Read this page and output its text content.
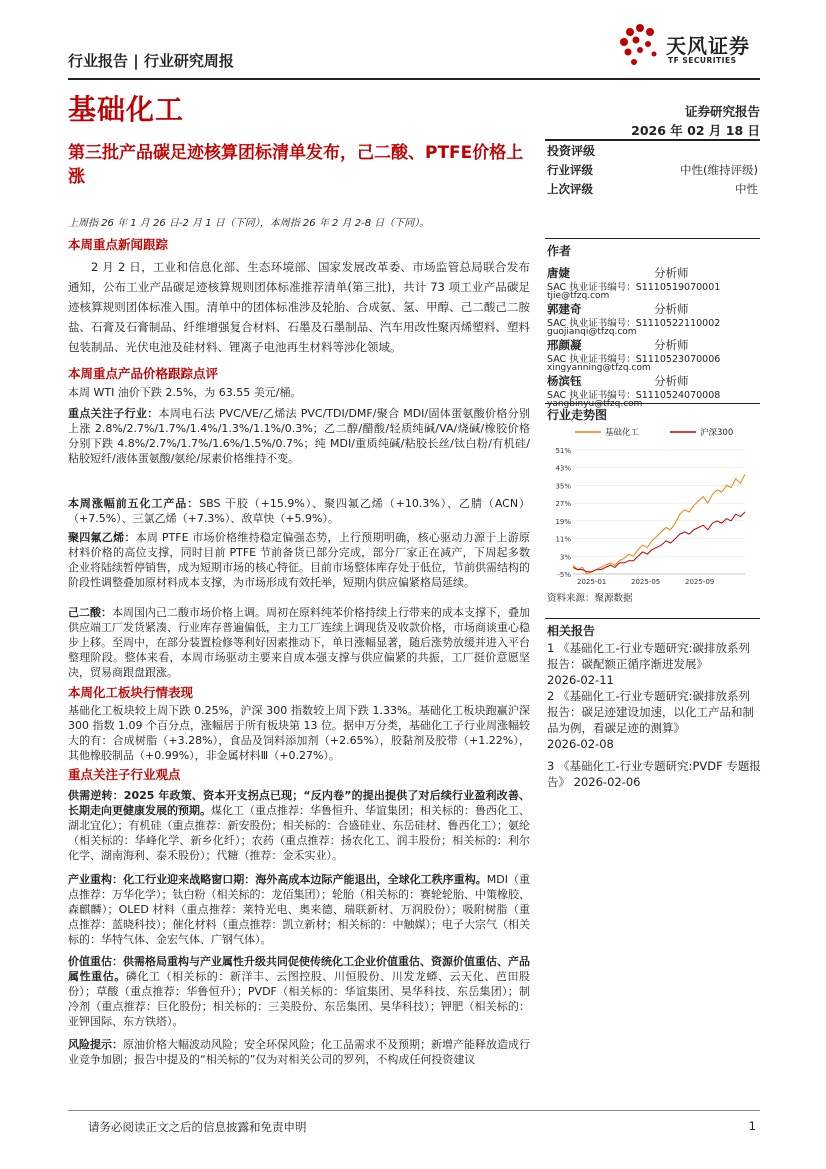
行业报告 | 行业研究周报
天风证券
TF SECURITIES
基础化工	证券研究报告
2026 年 02 月 18 日
第三批产品碳足迹核算团标清单发布，己二酸、PTFE价格上涨
投资评级
行业评级	中性(维持评级)
上次评级	中性
作者
唐婕	分析师
SAC 执业证书编号：S1110519070001
tjie@tfzq.com
郭建奇	分析师
SAC 执业证书编号：S1110522110002
guojianqi@tfzq.com
邢颜凝	分析师
SAC 执业证书编号：S1110523070006
xingyanning@tfzq.com
行业走势图
基础化工	沪深300
51%
43%
35%
27%
19%
11%
3%
-5%
2025-01	2025-05	2025-09
资料来源：聚源数据
相关报告
1 《基础化工-行业专题研究:碳排放系列报告：碳配额正循序渐进发展》
2026-02-11
2 《基础化工-行业专题研究:碳排放系列报告：碳足迹建设加速，以化工产品和制品为例，看碳足迹的测算》
2026-02-08
3 《基础化工-行业专题研究:PVDF 专题报告》 2026-02-06
上周指 26 年 1 月 26 日-2 月 1 日（下同），本周指 26 年 2 月 2-8 日（下同）。
本周重点新闻跟踪
2 月 2 日，工业和信息化部、生态环境部、国家发展改革委、市场监管总局联合发布通知，公布工业产品碳足迹核算规则团体标准推荐清单(第三批)，共计 73 项工业产品碳足迹核算规则团体标准入围。清单中的团体标准涉及轮胎、合成氨、氢、甲醇、己二酸己二胺盐、石膏及石膏制品、纤维增强复合材料、石墨及石墨制品、汽车用改性聚丙烯塑料、塑料包装制品、光伏电池及硅材料、锂离子电池再生材料等涉化领域。
本周重点产品价格跟踪点评
本周 WTI 油价下跌 2.5%，为 63.55 美元/桶。
重点关注子行业：本周电石法 PVC/VE/乙烯法 PVC/TDI/DMF/聚合 MDI/固体蛋氨酸价格分别上涨 2.8%/2.7%/1.7%/1.4%/1.3%/1.1%/0.3%；乙二醇/醋酸/轻质纯碱/VA/烧碱/橡胶价格分别下跌 4.8%/2.7%/1.7%/1.6%/1.5%/0.7%；纯 MDI/重质纯碱/粘胶长丝/钛白粉/有机硅/粘胶短纤/液体蛋氨酸/氨纶/尿素价格维持不变。
本周涨幅前五化工产品：SBS 干胶（+15.9%）、聚四氟乙烯（+10.3%）、乙腈（ACN）（+7.5%）、三氯乙烯（+7.3%）、敌草快（+5.9%）。
聚四氟乙烯：本周 PTFE 市场价格维持稳定偏强态势，上行预期明确，核心驱动力源于上游原材料价格的高位支撑，同时目前 PTFE 节前备货已部分完成，部分厂家正在减产，下周起多数企业将陆续暂停销售，成为短期市场的核心特征。目前市场整体库存处于低位，节前供需结构的阶段性调整叠加原材料成本支撑，为市场形成有效托举，短期内供应偏紧格局延续。
己二酸：本周国内己二酸市场价格上调。周初在原料纯苯价格持续上行带来的成本支撑下，叠加供应端工厂发货紧凑、行业库存普遍偏低，主力工厂连续上调现货及收款价格，市场商谈重心稳步上移。至周中，在部分装置检修等利好因素推动下，单日涨幅显著，随后涨势放缓并进入平台整理阶段。整体来看，本周市场驱动主要来自成本强支撑与供应偏紧的共振，工厂挺价意愿坚决，贸易商跟盘跟涨。
本周化工板块行情表现
基础化工板块较上周下跌 0.25%，沪深 300 指数较上周下跌 1.33%。基础化工板块跑赢沪深 300 指数 1.09 个百分点，涨幅居于所有板块第 13 位。据申万分类，基础化工子行业周涨幅较大的有：合成树脂（+3.28%），食品及饲料添加剂（+2.65%），胶黏剂及胶带（+1.22%），其他橡胶制品（+0.99%），非金属材料Ⅲ（+0.27%）。
重点关注子行业观点
供需逆转：2025 年政策、资本开支拐点已现；“反内卷”的提出提供了对后续行业盈利改善、长期走向更健康发展的预期。煤化工（重点推荐：华鲁恒升、华谊集团；相关标的：鲁西化工、湖北宜化）；有机硅（重点推荐：新安股份；相关标的：合盛硅业、东岳硅材、鲁西化工）；氨纶（相关标的：华峰化学、新乡化纤）；农药（重点推荐：扬农化工、润丰股份；相关标的：利尔化学、湖南海利、泰禾股份）；代糖（推荐：金禾实业）。
产业重构：化工行业迎来战略窗口期：海外高成本边际产能退出，全球化工秩序重构。MDI（重点推荐：万华化学）；钛白粉（相关标的：龙佰集团）；轮胎（相关标的：赛轮轮胎、中策橡胶、森麒麟）；OLED 材料（重点推荐：莱特光电、奥来德、瑞联新材、万润股份）；吸附树脂（重点推荐：蓝晓科技）；催化材料（重点推荐：凯立新材；相关标的：中触媒）；电子大宗气（相关标的：华特气体、金宏气体、广钢气体）。
价值重估：供需格局重构与产业属性升级共同促使传统化工企业价值重估、资源价值重估、产品属性重估。磷化工（相关标的：新洋丰、云图控股、川恒股份、川发龙蟒、云天化、芭田股份）；草酸（重点推荐：华鲁恒升）；PVDF（相关标的：华谊集团、昊华科技、东岳集团）；制冷剂（重点推荐：巨化股份；相关标的：三美股份、东岳集团、昊华科技）；钾肥（相关标的：亚钾国际、东方铁塔）。
风险提示：原油价格大幅波动风险；安全环保风险；化工品需求不及预期；新增产能释放造成行业竞争加剧；报告中提及的“相关标的”仅为对相关公司的罗列，不构成任何投资建议
请务必阅读正文之后的信息披露和免责申明	1
杨滨钰	分析师
SAC 执业证书编号：S1110524070008
yangbinyu@tfzq.com
